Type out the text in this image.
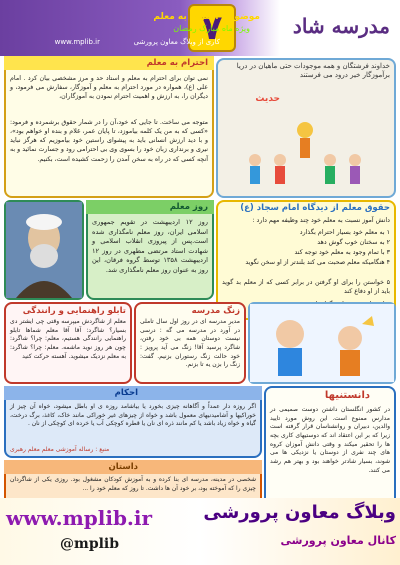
۷	مدرسه شاد
موضوع : احترام به معلم
ویژه ماه مبارک رمضان
www.mplib.ir	کاری از وبلاگ معاون پرورشی
احترام به معلم
نمی توان برای احترام به معلم و استاد حد و مرز مشخصی بیان کرد . امام علی (ع)، همواره در مورد احترام به معلم و آموزگار، سفارش می فرمود، و دیگران را، به ارزش و اهمیت احترام نمودن به آموزگاران،
متوجه می ساخت. تا جایی که خود،آن را در شمار حقوق برشمرده و فرمود: «کسی که به من یک کلمه بیاموزد، تا پایان عمر، غلام و بنده او خواهم بود»، و با دید ارزش انسانی باید به پیشوای راستین خود بیاموزیم که هرگز نباید نیری و برنداری زبان خود را بسوی وی بی احترامی رود و جسارت نمائید و به آنچه کسی که در راه به سخن آمدن را زحمت کشیده است، بکنیم.
خداوند فرشتگان و همه موجودات حتی ماهیان در دریا برآموزگار خیر درود می فرستند
حدیث
حقوق معلم از دیدگاه امام سجاد (ع)
دانش آموز نسبت به معلم خود چند وظیفه مهم دارد :
۱ به معلم خود بسیار احترام بگذارد
۲ به سخنان خوب گوش دهد
۳ با تمام وجود به معلم خود توجه کند
۴ هنگامیکه معلم صحبت می کند بلندتر از او سخن نگوید
۵ خواستن را برای او گرفتن در برابر کسی که از معلم بد گوید باید از او دفاع کند
روز معلم
روز ۱۲ اردیبهشت در تقویم جمهوری اسلامی ایران، روز معلم نامگذاری شده است.پس از پیروزی انقلاب اسلامی و شهادت استاد مرتضی مطهری در روز ۱۲ اردیبهشت ۱۳۵۸ توسط گروه فرقان، این روز به عنوان روز معلم نامگذاری شد.
تابلو راهنمایی و رانندگی
معلم از شاگردش میپرسه وقتی چی ایشتر دی بسیار؟ شاگرد: آقا آقا معلم شماها تابلو راهنمایی رانندگی هستیم، معلم: چرا؟ شاگرد: چون هر روز نوید ماشمه. معلم: چرا؟ شاگرد: به معلم نزدیک میشوید. آهسته حرکت کنید
زنگ مدرسه
مدیر مدرسه ای در روز اول سال تاملی در آورد در مدرسه می گه : درسی نیست دوستان همه بی خود رفتن، شاگرد پرسید آقا! زنگ می آید پرویز : خود حالت زنگ رستوران بزنیم. گفت: زنگ را بزن یه تا بزنم.
احکام
اگر روزه دار عمداً و آگاهانه چیزی بخورد یا بیاشامد روزه ی او باطل میشود، خواه آن چیز از خوراکیها و آشامیدنیهای معمول باشد و خواه از چیزهای غیر خوراکی مانند خاک، کاغذ، برگ درخت، گیاه و خواه زیاد باشد یا کم مانند ذره ای نان یا قطره کوچکی آب یا خرده ای کوچکی از نان .
منبع : رساله آموزشی معلم معلم رهبری
دانستنیها
در کشور انگلستان داشتن دوست صمیمی در مدارس ممنوع است. این روش مورد تایید والدین، دبیران و روانشناسان قرار گرفته است زیرا که بر این اعتقاد اند که دوستیهای کاری بچه ها را تحقیر میکند و وقتی دانش آموزان کروه های چند نفری از دوستان یا نزدیکی ها می شوند، بسیار شادتر خواهند بود و بهتر هم رشد می کنند.
داستان
شخصی در مدینه، مدرسه ای بنا کرده و به آموزش کودکان مشغول بود. روزی یکی از شاگردان چیزی را که آموخته بود، بر خود آن ها داشت. تا روز که معلم خود را ...
www.mplib.ir
@mplib
وبلاگ معاون پرورشی
کانال معاون پرورشی
